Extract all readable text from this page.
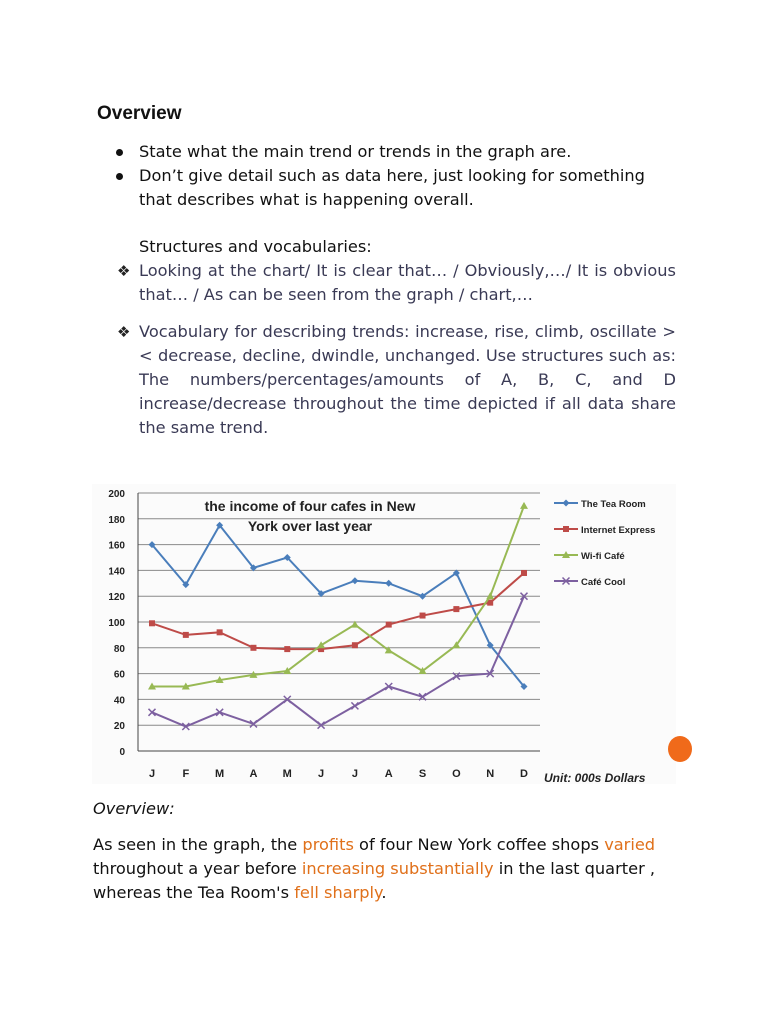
Overview
State what the main trend or trends in the graph are.
Don’t give detail such as data here, just looking for something that describes what is happening overall.
Structures and vocabularies:
❖ Looking at the chart/ It is clear that… / Obviously,…/ It is obvious that… / As can be seen from the graph / chart,…
❖ Vocabulary for describing trends: increase, rise, climb, oscillate >< decrease, decline, dwindle, unchanged. Use structures such as: The numbers/percentages/amounts of A, B, C, and D increase/decrease throughout the time depicted if all data share the same trend.
0
20
40
60
80
100
120
140
160
180
200
J F M A M J	J A S O N D
the income of four cafes in New
York over last year
Unit: 000s Dollars
The Tea Room
Internet Express
Wi-fi Café
Café Cool
Overview:
As seen in the graph, the profits of four New York coffee shops varied throughout a year before increasing substantially in the last quarter , whereas the Tea Room's fell sharply.
